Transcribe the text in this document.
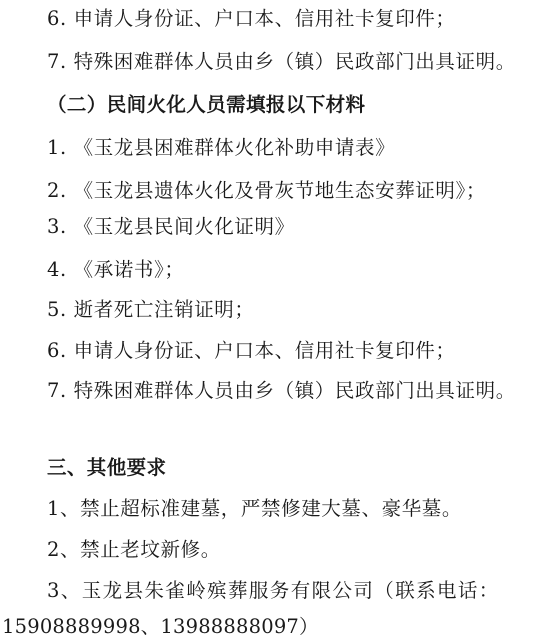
6. 申请人身份证、户口本、信用社卡复印件；
7. 特殊困难群体人员由乡（镇）民政部门出具证明。
（二）民间火化人员需填报以下材料
1. 《玉龙县困难群体火化补助申请表》
2. 《玉龙县遗体火化及骨灰节地生态安葬证明》；
3. 《玉龙县民间火化证明》
4. 《承诺书》；
5. 逝者死亡注销证明；
6. 申请人身份证、户口本、信用社卡复印件；
7. 特殊困难群体人员由乡（镇）民政部门出具证明。
三、其他要求
1、禁止超标准建墓，严禁修建大墓、豪华墓。
2、禁止老坟新修。
3、玉龙县朱雀岭殡葬服务有限公司（联系电话：
15908889998、13988888097）
